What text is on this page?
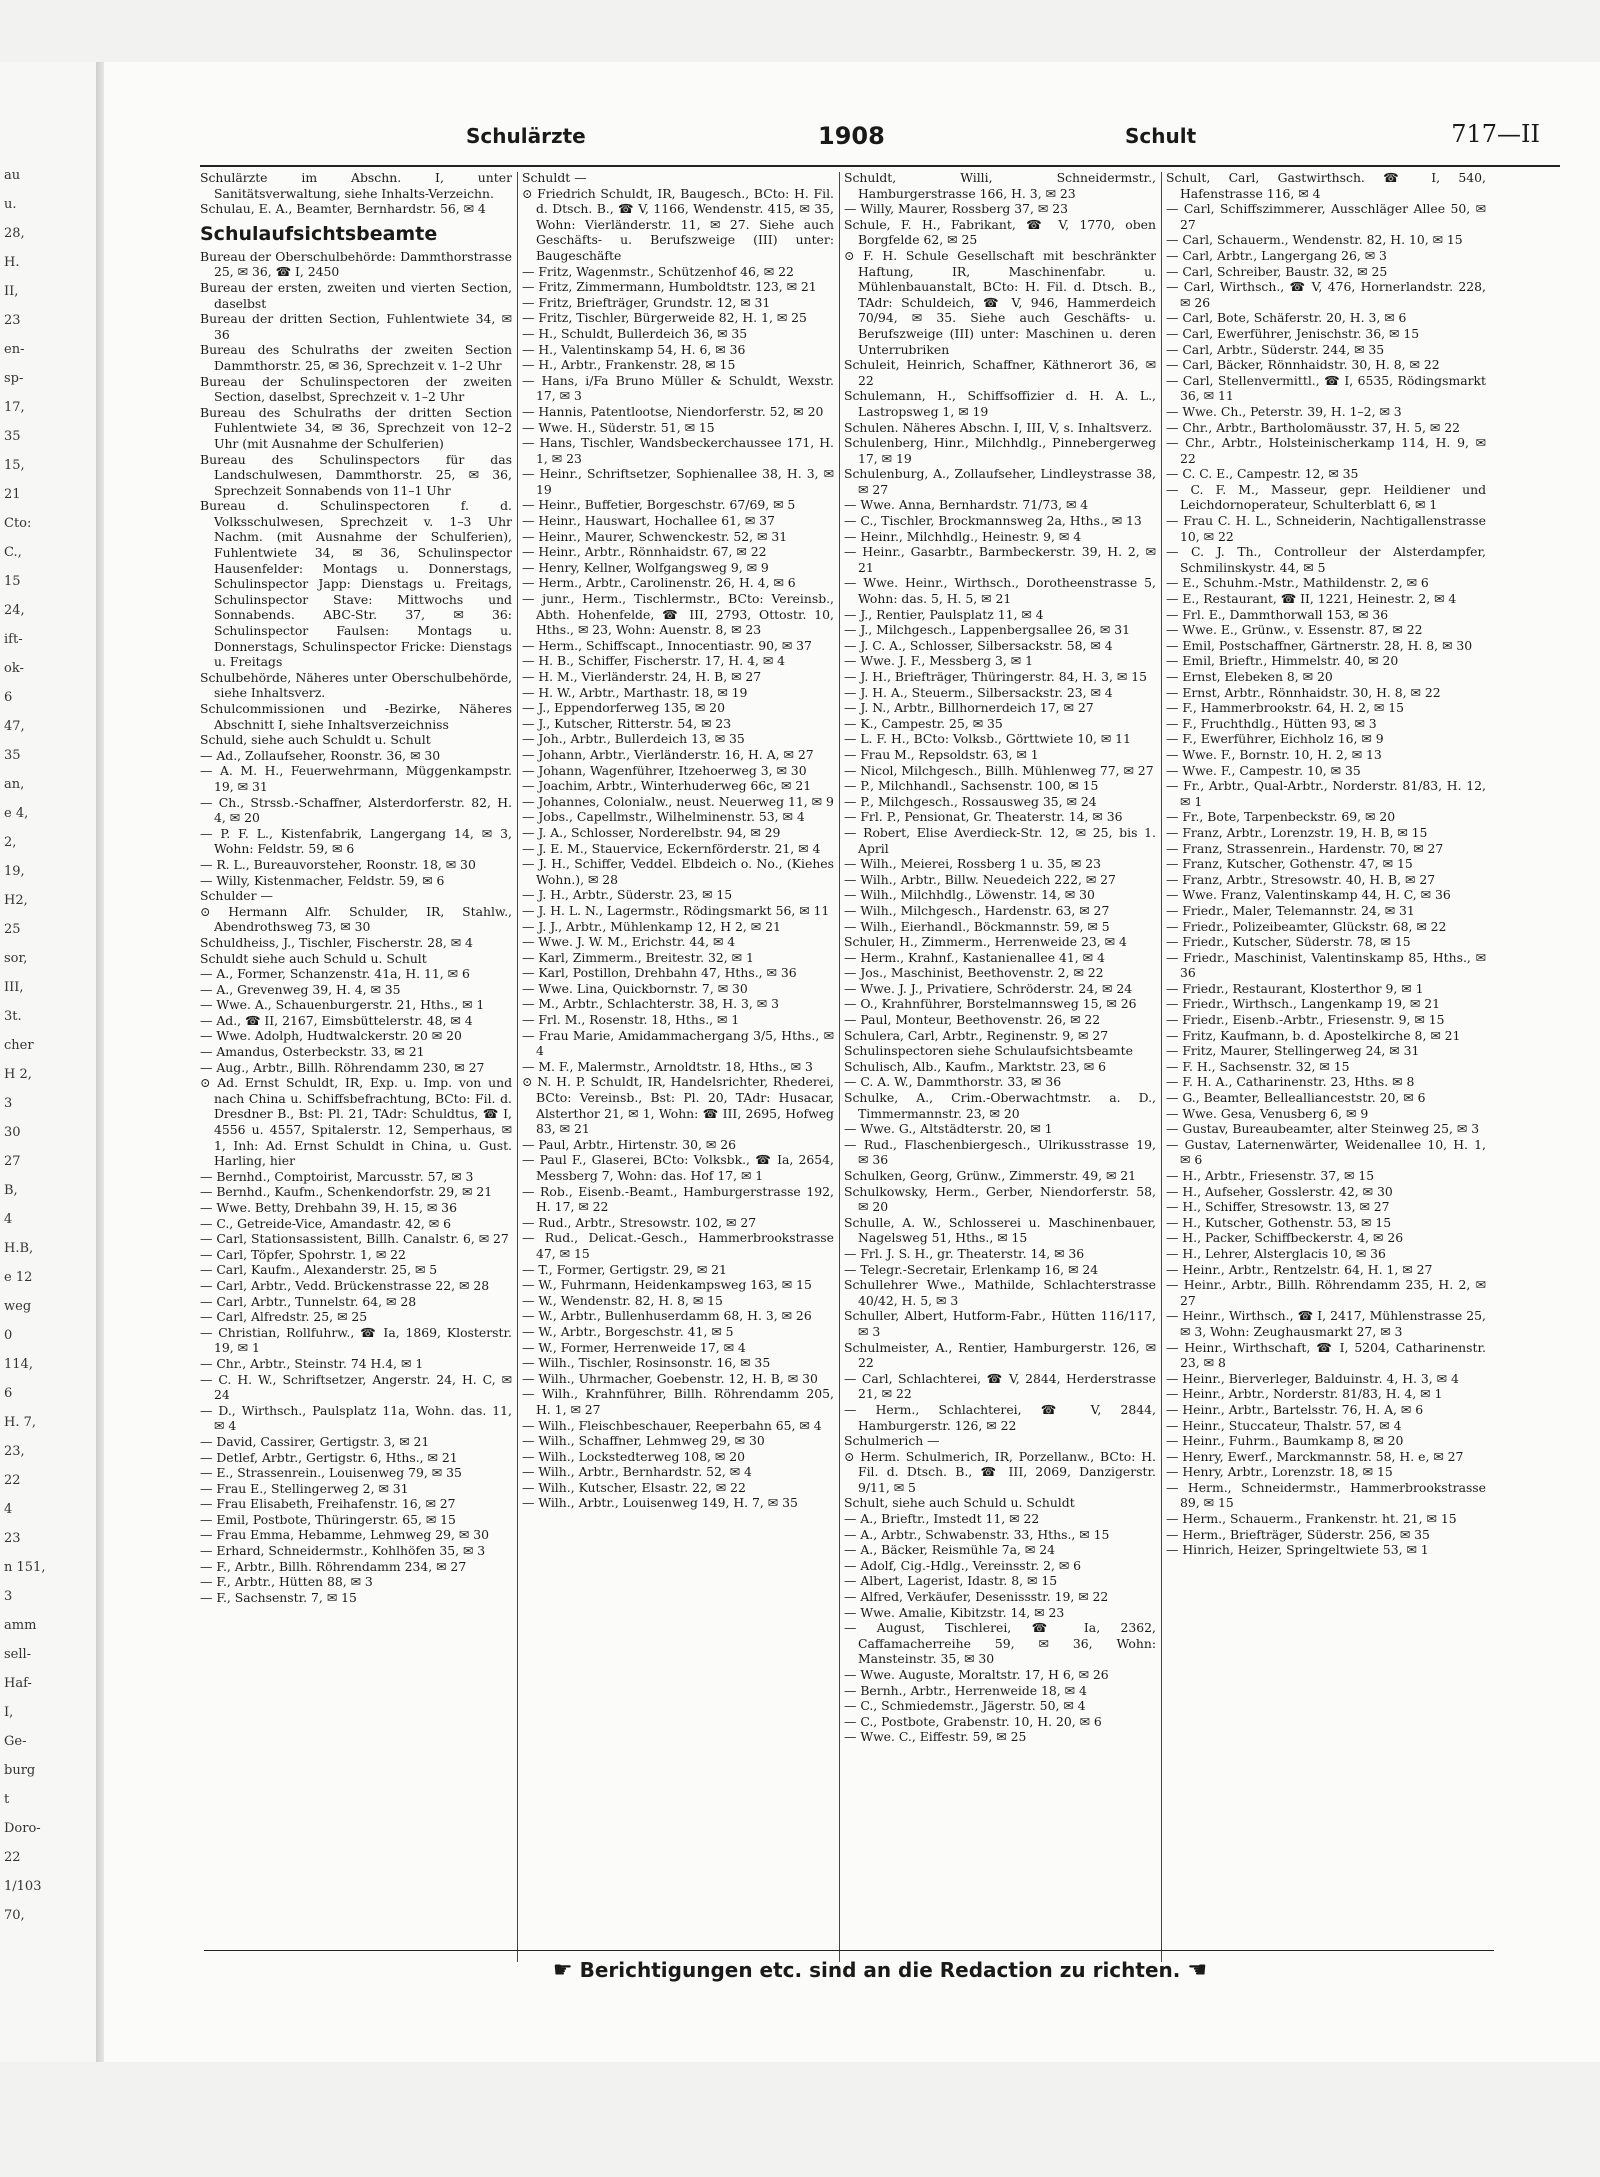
au
u.
28,
H.
II,
23
en-
sp-
17,
35
15,
21
Cto:
C.,
15
24,
ift-
ok-
6
47,
35
an,
e 4,
2,
19,
H2,
25
sor,
III,
3t.
cher
H 2,
3
30
27
B,
4
H.B,
e 12
weg
0
114,
6
H. 7,
23,
22
4
23
n 151,
3
amm
sell-
Haf-
I,
Ge-
burg
t
Doro-
22
1/103
70,
Schulärzte	1908	Schult	717—II

Schulärzte im Abschn. I, unter Sanitätsverwaltung, siehe Inhalts-Verzeichn.

Schulau, E. A., Beamter, Bernhardstr. 56, ✉ 4

Schulaufsichtsbeamte

Bureau der Oberschulbehörde: Dammthorstrasse 25, ✉ 36, ☎ I, 2450

Bureau der ersten, zweiten und vierten Section, daselbst

Bureau der dritten Section, Fuhlentwiete 34, ✉ 36

Bureau des Schulraths der zweiten Section Dammthorstr. 25, ✉ 36, Sprechzeit v. 1–2 Uhr

Bureau der Schulinspectoren der zweiten Section, daselbst, Sprechzeit v. 1–2 Uhr

Bureau des Schulraths der dritten Section Fuhlentwiete 34, ✉ 36, Sprechzeit von 12–2 Uhr (mit Ausnahme der Schulferien)

Bureau des Schulinspectors für das Landschulwesen, Dammthorstr. 25, ✉ 36, Sprechzeit Sonnabends von 11–1 Uhr

Bureau d. Schulinspectoren f. d. Volksschulwesen, Sprechzeit v. 1–3 Uhr Nachm. (mit Ausnahme der Schulferien), Fuhlentwiete 34, ✉ 36, Schulinspector Hausenfelder: Montags u. Donnerstags, Schulinspector Japp: Dienstags u. Freitags, Schulinspector Stave: Mittwochs und Sonnabends. ABC-Str. 37, ✉ 36: Schulinspector Faulsen: Montags u. Donnerstags, Schulinspector Fricke: Dienstags u. Freitags

Schulbehörde, Näheres unter Oberschulbehörde, siehe Inhaltsverz.

Schulcommissionen und -Bezirke, Näheres Abschnitt I, siehe Inhaltsverzeichniss

Schuld, siehe auch Schuldt u. Schult

— Ad., Zollaufseher, Roonstr. 36, ✉ 30

— A. M. H., Feuerwehrmann, Müggenkampstr. 19, ✉ 31

— Ch., Strssb.-Schaffner, Alsterdorferstr. 82, H. 4, ✉ 20

— P. F. L., Kistenfabrik, Langergang 14, ✉ 3, Wohn: Feldstr. 59, ✉ 6

— R. L., Bureauvorsteher, Roonstr. 18, ✉ 30

— Willy, Kistenmacher, Feldstr. 59, ✉ 6

Schulder —

⊙ Hermann Alfr. Schulder, IR, Stahlw., Abendrothsweg 73, ✉ 30

Schuldheiss, J., Tischler, Fischerstr. 28, ✉ 4

Schuldt siehe auch Schuld u. Schult

— A., Former, Schanzenstr. 41a, H. 11, ✉ 6

— A., Grevenweg 39, H. 4, ✉ 35

— Wwe. A., Schauenburgerstr. 21, Hths., ✉ 1

— Ad., ☎ II, 2167, Eimsbüttelerstr. 48, ✉ 4

— Wwe. Adolph, Hudtwalckerstr. 20 ✉ 20

— Amandus, Osterbeckstr. 33, ✉ 21

— Aug., Arbtr., Billh. Röhrendamm 230, ✉ 27

⊙ Ad. Ernst Schuldt, IR, Exp. u. Imp. von und nach China u. Schiffsbefrachtung, BCto: Fil. d. Dresdner B., Bst: Pl. 21, TAdr: Schuldtus, ☎ I, 4556 u. 4557, Spitalerstr. 12, Semperhaus, ✉ 1, Inh: Ad. Ernst Schuldt in China, u. Gust. Harling, hier

— Bernhd., Comptoirist, Marcusstr. 57, ✉ 3

— Bernhd., Kaufm., Schenkendorfstr. 29, ✉ 21

— Wwe. Betty, Drehbahn 39, H. 15, ✉ 36

— C., Getreide-Vice, Amandastr. 42, ✉ 6

— Carl, Stationsassistent, Billh. Canalstr. 6, ✉ 27

— Carl, Töpfer, Spohrstr. 1, ✉ 22

— Carl, Kaufm., Alexanderstr. 25, ✉ 5

— Carl, Arbtr., Vedd. Brückenstrasse 22, ✉ 28

— Carl, Arbtr., Tunnelstr. 64, ✉ 28

— Carl, Alfredstr. 25, ✉ 25

— Christian, Rollfuhrw., ☎ Ia, 1869, Klosterstr. 19, ✉ 1

— Chr., Arbtr., Steinstr. 74 H.4, ✉ 1

— C. H. W., Schriftsetzer, Angerstr. 24, H. C, ✉ 24

— D., Wirthsch., Paulsplatz 11a, Wohn. das. 11, ✉ 4

— David, Cassirer, Gertigstr. 3, ✉ 21

— Detlef, Arbtr., Gertigstr. 6, Hths., ✉ 21

— E., Strassenrein., Louisenweg 79, ✉ 35

— Frau E., Stellingerweg 2, ✉ 31

— Frau Elisabeth, Freihafenstr. 16, ✉ 27

— Emil, Postbote, Thüringerstr. 65, ✉ 15

— Frau Emma, Hebamme, Lehmweg 29, ✉ 30

— Erhard, Schneidermstr., Kohlhöfen 35, ✉ 3

— F., Arbtr., Billh. Röhrendamm 234, ✉ 27

— F., Arbtr., Hütten 88, ✉ 3

— F., Sachsenstr. 7, ✉ 15

Schuldt —

⊙ Friedrich Schuldt, IR, Baugesch., BCto: H. Fil. d. Dtsch. B., ☎ V, 1166, Wendenstr. 415, ✉ 35, Wohn: Vierländerstr. 11, ✉ 27. Siehe auch Geschäfts- u. Berufszweige (III) unter: Baugeschäfte

— Fritz, Wagenmstr., Schützenhof 46, ✉ 22

— Fritz, Zimmermann, Humboldtstr. 123, ✉ 21

— Fritz, Briefträger, Grundstr. 12, ✉ 31

— Fritz, Tischler, Bürgerweide 82, H. 1, ✉ 25

— H., Schuldt, Bullerdeich 36, ✉ 35

— H., Valentinskamp 54, H. 6, ✉ 36

— H., Arbtr., Frankenstr. 28, ✉ 15

— Hans, i/Fa Bruno Müller & Schuldt, Wexstr. 17, ✉ 3

— Hannis, Patentlootse, Niendorferstr. 52, ✉ 20

— Wwe. H., Süderstr. 51, ✉ 15

— Hans, Tischler, Wandsbeckerchaussee 171, H. 1, ✉ 23

— Heinr., Schriftsetzer, Sophienallee 38, H. 3, ✉ 19

— Heinr., Buffetier, Borgeschstr. 67/69, ✉ 5

— Heinr., Hauswart, Hochallee 61, ✉ 37

— Heinr., Maurer, Schwenckestr. 52, ✉ 31

— Heinr., Arbtr., Rönnhaidstr. 67, ✉ 22

— Henry, Kellner, Wolfgangsweg 9, ✉ 9

— Herm., Arbtr., Carolinenstr. 26, H. 4, ✉ 6

— junr., Herm., Tischlermstr., BCto: Vereinsb., Abth. Hohenfelde, ☎ III, 2793, Ottostr. 10, Hths., ✉ 23, Wohn: Auenstr. 8, ✉ 23

— Herm., Schiffscapt., Innocentiastr. 90, ✉ 37

— H. B., Schiffer, Fischerstr. 17, H. 4, ✉ 4

— H. M., Vierländerstr. 24, H. B, ✉ 27

— H. W., Arbtr., Marthastr. 18, ✉ 19

— J., Eppendorferweg 135, ✉ 20

— J., Kutscher, Ritterstr. 54, ✉ 23

— Joh., Arbtr., Bullerdeich 13, ✉ 35

— Johann, Arbtr., Vierländerstr. 16, H. A, ✉ 27

— Johann, Wagenführer, Itzehoerweg 3, ✉ 30

— Joachim, Arbtr., Winterhuderweg 66c, ✉ 21

— Johannes, Colonialw., neust. Neuerweg 11, ✉ 9

— Jobs., Capellmstr., Wilhelminenstr. 53, ✉ 4

— J. A., Schlosser, Norderelbstr. 94, ✉ 29

— J. E. M., Stauervice, Eckernförderstr. 21, ✉ 4

— J. H., Schiffer, Veddel. Elbdeich o. No., (Kiehes Wohn.), ✉ 28

— J. H., Arbtr., Süderstr. 23, ✉ 15

— J. H. L. N., Lagermstr., Rödingsmarkt 56, ✉ 11

— J. J., Arbtr., Mühlenkamp 12, H 2, ✉ 21

— Wwe. J. W. M., Erichstr. 44, ✉ 4

— Karl, Zimmerm., Breitestr. 32, ✉ 1

— Karl, Postillon, Drehbahn 47, Hths., ✉ 36

— Wwe. Lina, Quickbornstr. 7, ✉ 30

— M., Arbtr., Schlachterstr. 38, H. 3, ✉ 3

— Frl. M., Rosenstr. 18, Hths., ✉ 1

— Frau Marie, Amidammachergang 3/5, Hths., ✉ 4

— M. F., Malermstr., Arnoldtstr. 18, Hths., ✉ 3

⊙ N. H. P. Schuldt, IR, Handelsrichter, Rhederei, BCto: Vereinsb., Bst: Pl. 20, TAdr: Husacar, Alsterthor 21, ✉ 1, Wohn: ☎ III, 2695, Hofweg 83, ✉ 21

— Paul, Arbtr., Hirtenstr. 30, ✉ 26

— Paul F., Glaserei, BCto: Volksbk., ☎ Ia, 2654, Messberg 7, Wohn: das. Hof 17, ✉ 1

— Rob., Eisenb.-Beamt., Hamburgerstrasse 192, H. 17, ✉ 22

— Rud., Arbtr., Stresowstr. 102, ✉ 27

— Rud., Delicat.-Gesch., Hammerbrookstrasse 47, ✉ 15

— T., Former, Gertigstr. 29, ✉ 21

— W., Fuhrmann, Heidenkampsweg 163, ✉ 15

— W., Wendenstr. 82, H. 8, ✉ 15

— W., Arbtr., Bullenhuserdamm 68, H. 3, ✉ 26

— W., Arbtr., Borgeschstr. 41, ✉ 5

— W., Former, Herrenweide 17, ✉ 4

— Wilh., Tischler, Rosinsonstr. 16, ✉ 35

— Wilh., Uhrmacher, Goebenstr. 12, H. B, ✉ 30

— Wilh., Krahnführer, Billh. Röhrendamm 205, H. 1, ✉ 27

— Wilh., Fleischbeschauer, Reeperbahn 65, ✉ 4

— Wilh., Schaffner, Lehmweg 29, ✉ 30

— Wilh., Lockstedterweg 108, ✉ 20

— Wilh., Arbtr., Bernhardstr. 52, ✉ 4

— Wilh., Kutscher, Elsastr. 22, ✉ 22

— Wilh., Arbtr., Louisenweg 149, H. 7, ✉ 35

Schuldt, Willi, Schneidermstr., Hamburgerstrasse 166, H. 3, ✉ 23

— Willy, Maurer, Rossberg 37, ✉ 23

Schule, F. H., Fabrikant, ☎ V, 1770, oben Borgfelde 62, ✉ 25

⊙ F. H. Schule Gesellschaft mit beschränkter Haftung, IR, Maschinenfabr. u. Mühlenbauanstalt, BCto: H. Fil. d. Dtsch. B., TAdr: Schuldeich, ☎ V, 946, Hammerdeich 70/94, ✉ 35. Siehe auch Geschäfts- u. Berufszweige (III) unter: Maschinen u. deren Unterrubriken

Schuleit, Heinrich, Schaffner, Käthnerort 36, ✉ 22

Schulemann, H., Schiffsoffizier d. H. A. L., Lastropsweg 1, ✉ 19

Schulen. Näheres Abschn. I, III, V, s. Inhaltsverz.

Schulenberg, Hinr., Milchhdlg., Pinnebergerweg 17, ✉ 19

Schulenburg, A., Zollaufseher, Lindleystrasse 38, ✉ 27

— Wwe. Anna, Bernhardstr. 71/73, ✉ 4

— C., Tischler, Brockmannsweg 2a, Hths., ✉ 13

— Heinr., Milchhdlg., Heinestr. 9, ✉ 4

— Heinr., Gasarbtr., Barmbeckerstr. 39, H. 2, ✉ 21

— Wwe. Heinr., Wirthsch., Dorotheenstrasse 5, Wohn: das. 5, H. 5, ✉ 21

— J., Rentier, Paulsplatz 11, ✉ 4

— J., Milchgesch., Lappenbergsallee 26, ✉ 31

— J. C. A., Schlosser, Silbersackstr. 58, ✉ 4

— Wwe. J. F., Messberg 3, ✉ 1

— J. H., Briefträger, Thüringerstr. 84, H. 3, ✉ 15

— J. H. A., Steuerm., Silbersackstr. 23, ✉ 4

— J. N., Arbtr., Billhornerdeich 17, ✉ 27

— K., Campestr. 25, ✉ 35

— L. F. H., BCto: Volksb., Görttwiete 10, ✉ 11

— Frau M., Repsoldstr. 63, ✉ 1

— Nicol, Milchgesch., Billh. Mühlenweg 77, ✉ 27

— P., Milchhandl., Sachsenstr. 100, ✉ 15

— P., Milchgesch., Rossausweg 35, ✉ 24

— Frl. P., Pensionat, Gr. Theaterstr. 14, ✉ 36

— Robert, Elise Averdieck-Str. 12, ✉ 25, bis 1. April

— Wilh., Meierei, Rossberg 1 u. 35, ✉ 23

— Wilh., Arbtr., Billw. Neuedeich 222, ✉ 27

— Wilh., Milchhdlg., Löwenstr. 14, ✉ 30

— Wilh., Milchgesch., Hardenstr. 63, ✉ 27

— Wilh., Eierhandl., Böckmannstr. 59, ✉ 5

Schuler, H., Zimmerm., Herrenweide 23, ✉ 4

— Herm., Krahnf., Kastanienallee 41, ✉ 4

— Jos., Maschinist, Beethovenstr. 2, ✉ 22

— Wwe. J. J., Privatiere, Schröderstr. 24, ✉ 24

— O., Krahnführer, Borstelmannsweg 15, ✉ 26

— Paul, Monteur, Beethovenstr. 26, ✉ 22

Schulera, Carl, Arbtr., Reginenstr. 9, ✉ 27

Schulinspectoren siehe Schulaufsichtsbeamte

Schulisch, Alb., Kaufm., Marktstr. 23, ✉ 6

— C. A. W., Dammthorstr. 33, ✉ 36

Schulke, A., Crim.-Oberwachtmstr. a. D., Timmermannstr. 23, ✉ 20

— Wwe. G., Altstädterstr. 20, ✉ 1

— Rud., Flaschenbiergesch., Ulrikusstrasse 19, ✉ 36

Schulken, Georg, Grünw., Zimmerstr. 49, ✉ 21

Schulkowsky, Herm., Gerber, Niendorferstr. 58, ✉ 20

Schulle, A. W., Schlosserei u. Maschinenbauer, Nagelsweg 51, Hths., ✉ 15

— Frl. J. S. H., gr. Theaterstr. 14, ✉ 36

— Telegr.-Secretair, Erlenkamp 16, ✉ 24

Schullehrer Wwe., Mathilde, Schlachterstrasse 40/42, H. 5, ✉ 3

Schuller, Albert, Hutform-Fabr., Hütten 116/117, ✉ 3

Schulmeister, A., Rentier, Hamburgerstr. 126, ✉ 22

— Carl, Schlachterei, ☎ V, 2844, Herderstrasse 21, ✉ 22

— Herm., Schlachterei, ☎ V, 2844, Hamburgerstr. 126, ✉ 22

Schulmerich —

⊙ Herm. Schulmerich, IR, Porzellanw., BCto: H. Fil. d. Dtsch. B., ☎ III, 2069, Danzigerstr. 9/11, ✉ 5

Schult, siehe auch Schuld u. Schuldt

— A., Brieftr., Imstedt 11, ✉ 22

— A., Arbtr., Schwabenstr. 33, Hths., ✉ 15

— A., Bäcker, Reismühle 7a, ✉ 24

— Adolf, Cig.-Hdlg., Vereinsstr. 2, ✉ 6

— Albert, Lagerist, Idastr. 8, ✉ 15

— Alfred, Verkäufer, Desenissstr. 19, ✉ 22

— Wwe. Amalie, Kibitzstr. 14, ✉ 23

— August, Tischlerei, ☎ Ia, 2362, Caffamacherreihe 59, ✉ 36, Wohn: Mansteinstr. 35, ✉ 30

— Wwe. Auguste, Moraltstr. 17, H 6, ✉ 26

— Bernh., Arbtr., Herrenweide 18, ✉ 4

— C., Schmiedemstr., Jägerstr. 50, ✉ 4

— C., Postbote, Grabenstr. 10, H. 20, ✉ 6

— Wwe. C., Eiffestr. 59, ✉ 25

Schult, Carl, Gastwirthsch. ☎ I, 540, Hafenstrasse 116, ✉ 4

— Carl, Schiffszimmerer, Ausschläger Allee 50, ✉ 27

— Carl, Schauerm., Wendenstr. 82, H. 10, ✉ 15

— Carl, Arbtr., Langergang 26, ✉ 3

— Carl, Schreiber, Baustr. 32, ✉ 25

— Carl, Wirthsch., ☎ V, 476, Hornerlandstr. 228, ✉ 26

— Carl, Bote, Schäferstr. 20, H. 3, ✉ 6

— Carl, Ewerführer, Jenischstr. 36, ✉ 15

— Carl, Arbtr., Süderstr. 244, ✉ 35

— Carl, Bäcker, Rönnhaidstr. 30, H. 8, ✉ 22

— Carl, Stellenvermittl., ☎ I, 6535, Rödingsmarkt 36, ✉ 11

— Wwe. Ch., Peterstr. 39, H. 1–2, ✉ 3

— Chr., Arbtr., Bartholomäusstr. 37, H. 5, ✉ 22

— Chr., Arbtr., Holsteinischerkamp 114, H. 9, ✉ 22

— C. C. E., Campestr. 12, ✉ 35

— C. F. M., Masseur, gepr. Heildiener und Leichdornoperateur, Schulterblatt 6, ✉ 1

— Frau C. H. L., Schneiderin, Nachtigallenstrasse 10, ✉ 22

— C. J. Th., Controlleur der Alsterdampfer, Schmilinskystr. 44, ✉ 5

— E., Schuhm.-Mstr., Mathildenstr. 2, ✉ 6

— E., Restaurant, ☎ II, 1221, Heinestr. 2, ✉ 4

— Frl. E., Dammthorwall 153, ✉ 36

— Wwe. E., Grünw., v. Essenstr. 87, ✉ 22

— Emil, Postschaffner, Gärtnerstr. 28, H. 8, ✉ 30

— Emil, Brieftr., Himmelstr. 40, ✉ 20

— Ernst, Elebeken 8, ✉ 20

— Ernst, Arbtr., Rönnhaidstr. 30, H. 8, ✉ 22

— F., Hammerbrookstr. 64, H. 2, ✉ 15

— F., Fruchthdlg., Hütten 93, ✉ 3

— F., Ewerführer, Eichholz 16, ✉ 9

— Wwe. F., Bornstr. 10, H. 2, ✉ 13

— Wwe. F., Campestr. 10, ✉ 35

— Fr., Arbtr., Qual-Arbtr., Norderstr. 81/83, H. 12, ✉ 1

— Fr., Bote, Tarpenbeckstr. 69, ✉ 20

— Franz, Arbtr., Lorenzstr. 19, H. B, ✉ 15

— Franz, Strassenrein., Hardenstr. 70, ✉ 27

— Franz, Kutscher, Gothenstr. 47, ✉ 15

— Franz, Arbtr., Stresowstr. 40, H. B, ✉ 27

— Wwe. Franz, Valentinskamp 44, H. C, ✉ 36

— Friedr., Maler, Telemannstr. 24, ✉ 31

— Friedr., Polizeibeamter, Glückstr. 68, ✉ 22

— Friedr., Kutscher, Süderstr. 78, ✉ 15

— Friedr., Maschinist, Valentinskamp 85, Hths., ✉ 36

— Friedr., Restaurant, Klosterthor 9, ✉ 1

— Friedr., Wirthsch., Langenkamp 19, ✉ 21

— Friedr., Eisenb.-Arbtr., Friesenstr. 9, ✉ 15

— Fritz, Kaufmann, b. d. Apostelkirche 8, ✉ 21

— Fritz, Maurer, Stellingerweg 24, ✉ 31

— F. H., Sachsenstr. 32, ✉ 15

— F. H. A., Catharinenstr. 23, Hths. ✉ 8

— G., Beamter, Belleallianceststr. 20, ✉ 6

— Wwe. Gesa, Venusberg 6, ✉ 9

— Gustav, Bureaubeamter, alter Steinweg 25, ✉ 3

— Gustav, Laternenwärter, Weidenallee 10, H. 1, ✉ 6

— H., Arbtr., Friesenstr. 37, ✉ 15

— H., Aufseher, Gosslerstr. 42, ✉ 30

— H., Schiffer, Stresowstr. 13, ✉ 27

— H., Kutscher, Gothenstr. 53, ✉ 15

— H., Packer, Schiffbeckerstr. 4, ✉ 26

— H., Lehrer, Alsterglacis 10, ✉ 36

— Heinr., Arbtr., Rentzelstr. 64, H. 1, ✉ 27

— Heinr., Arbtr., Billh. Röhrendamm 235, H. 2, ✉ 27

— Heinr., Wirthsch., ☎ I, 2417, Mühlenstrasse 25, ✉ 3, Wohn: Zeughausmarkt 27, ✉ 3

— Heinr., Wirthschaft, ☎ I, 5204, Catharinenstr. 23, ✉ 8

— Heinr., Bierverleger, Balduinstr. 4, H. 3, ✉ 4

— Heinr., Arbtr., Norderstr. 81/83, H. 4, ✉ 1

— Heinr., Arbtr., Bartelsstr. 76, H. A, ✉ 6

— Heinr., Stuccateur, Thalstr. 57, ✉ 4

— Heinr., Fuhrm., Baumkamp 8, ✉ 20

— Henry, Ewerf., Marckmannstr. 58, H. e, ✉ 27

— Henry, Arbtr., Lorenzstr. 18, ✉ 15

— Herm., Schneidermstr., Hammerbrookstrasse 89, ✉ 15

— Herm., Schauerm., Frankenstr. ht. 21, ✉ 15

— Herm., Briefträger, Süderstr. 256, ✉ 35

— Hinrich, Heizer, Springeltwiete 53, ✉ 1

☛ Berichtigungen etc. sind an die Redaction zu richten. ☚
